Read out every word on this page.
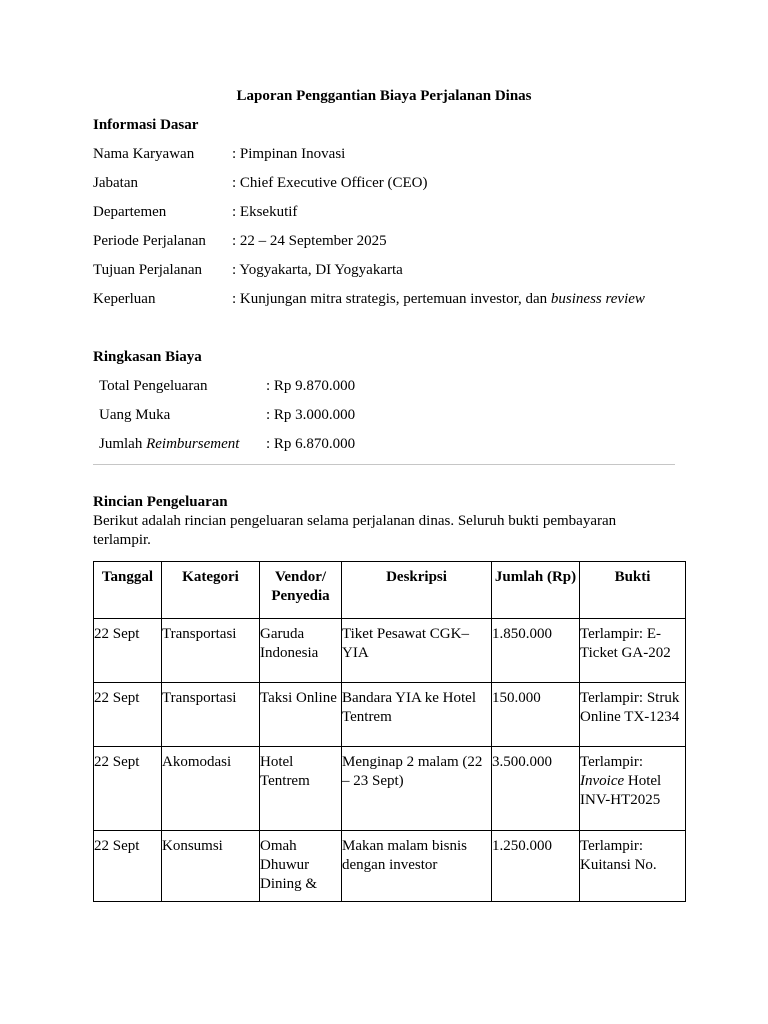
Laporan Penggantian Biaya Perjalanan Dinas
Informasi Dasar
Nama Karyawan	: Pimpinan Inovasi
Jabatan	: Chief Executive Officer (CEO)
Departemen	: Eksekutif
Periode Perjalanan : 22 – 24 September 2025
Tujuan Perjalanan : Yogyakarta, DI Yogyakarta
Keperluan	: Kunjungan mitra strategis, pertemuan investor, dan business review
Ringkasan Biaya
Total Pengeluaran	: Rp 9.870.000
Uang Muka	: Rp 3.000.000
Jumlah Reimbursement : Rp 6.870.000
Rincian Pengeluaran
Berikut adalah rincian pengeluaran selama perjalanan dinas. Seluruh bukti pembayaran terlampir.
Tanggal	Kategori	Vendor/ Penyedia	Deskripsi	Jumlah (Rp)	Bukti
22 Sept	Transportasi	Garuda Indonesia	Tiket Pesawat CGK–YIA	1.850.000	Terlampir: E-Ticket GA-202
22 Sept	Transportasi	Taksi Online	Bandara YIA ke Hotel Tentrem	150.000	Terlampir: Struk Online TX-1234
22 Sept	Akomodasi	Hotel Tentrem	Menginap 2 malam (22 – 23 Sept)	3.500.000	Terlampir: Invoice Hotel INV-HT2025
22 Sept	Konsumsi	Omah Dhuwur Dining &	Makan malam bisnis dengan investor	1.250.000	Terlampir: Kuitansi No.
